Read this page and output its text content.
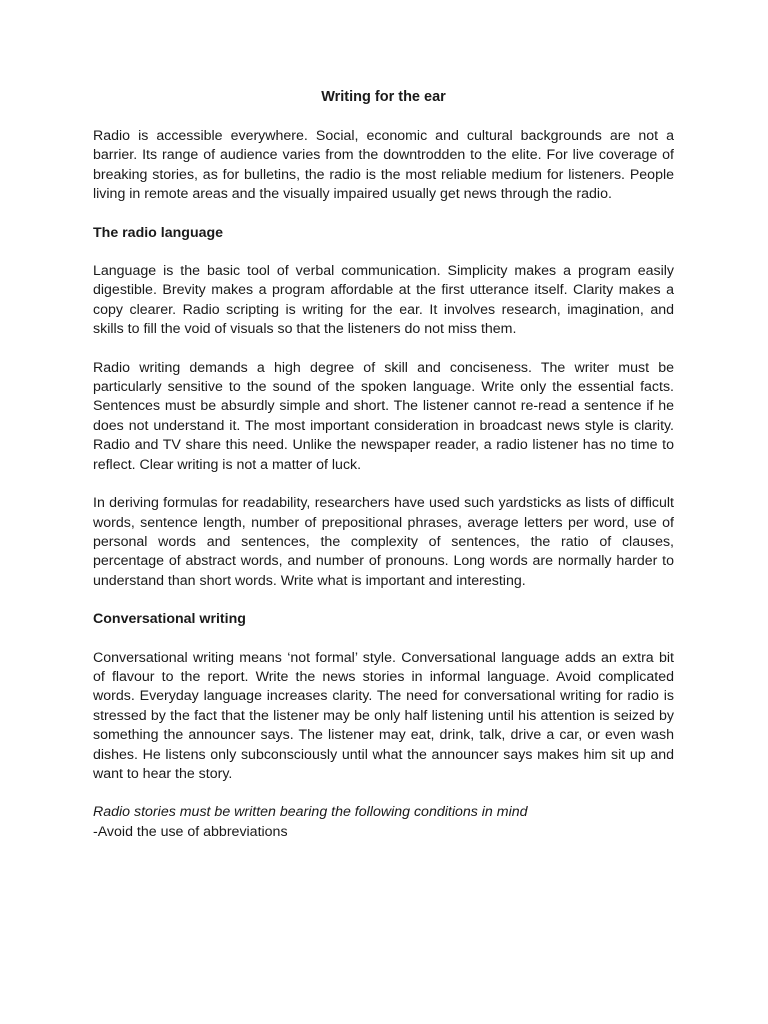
Writing for the ear

Radio is accessible everywhere. Social, economic and cultural backgrounds are not a barrier. Its range of audience varies from the downtrodden to the elite. For live coverage of breaking stories, as for bulletins, the radio is the most reliable medium for listeners. People living in remote areas and the visually impaired usually get news through the radio.

The radio language

Language is the basic tool of verbal communication. Simplicity makes a program easily digestible. Brevity makes a program affordable at the first utterance itself. Clarity makes a copy clearer. Radio scripting is writing for the ear. It involves research, imagination, and skills to fill the void of visuals so that the listeners do not miss them.

Radio writing demands a high degree of skill and conciseness. The writer must be particularly sensitive to the sound of the spoken language. Write only the essential facts. Sentences must be absurdly simple and short. The listener cannot re-read a sentence if he does not understand it. The most important consideration in broadcast news style is clarity. Radio and TV share this need. Unlike the newspaper reader, a radio listener has no time to reflect. Clear writing is not a matter of luck.

In deriving formulas for readability, researchers have used such yardsticks as lists of difficult words, sentence length, number of prepositional phrases, average letters per word, use of personal words and sentences, the complexity of sentences, the ratio of clauses, percentage of abstract words, and number of pronouns. Long words are normally harder to understand than short words. Write what is important and interesting.

Conversational writing

Conversational writing means ‘not formal’ style. Conversational language adds an extra bit of flavour to the report. Write the news stories in informal language. Avoid complicated words. Everyday language increases clarity. The need for conversational writing for radio is stressed by the fact that the listener may be only half listening until his attention is seized by something the announcer says. The listener may eat, drink, talk, drive a car, or even wash dishes. He listens only subconsciously until what the announcer says makes him sit up and want to hear the story.

Radio stories must be written bearing the following conditions in mind

-Avoid the use of abbreviations
